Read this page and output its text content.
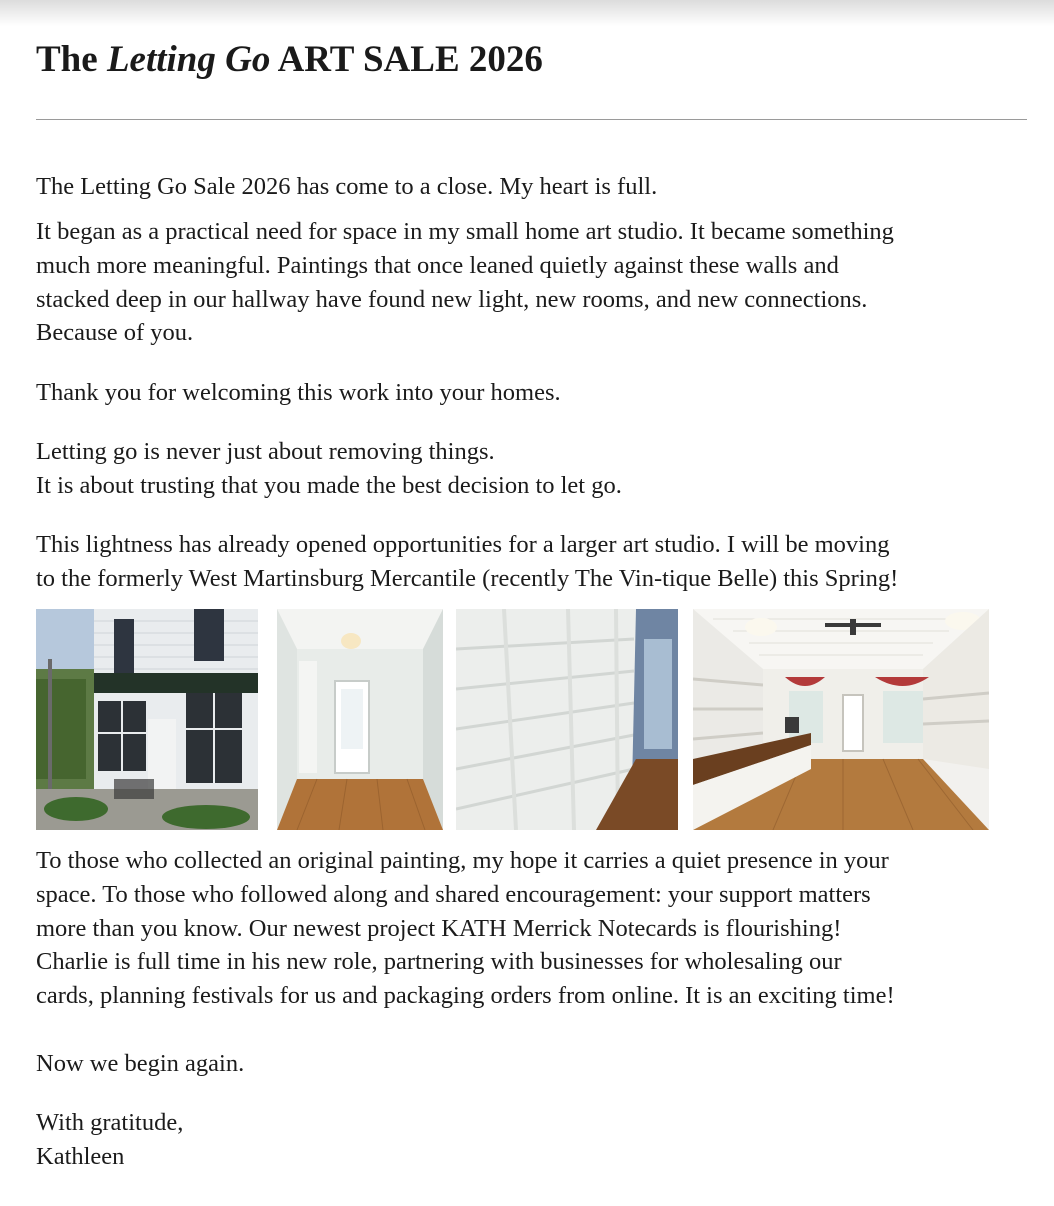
The Letting Go ART SALE 2026

The Letting Go Sale 2026 has come to a close. My heart is full.

It began as a practical need for space in my small home art studio. It became something

much more meaningful. Paintings that once leaned quietly against these walls and

stacked deep in our hallway have found new light, new rooms, and new connections.

Because of you.

Thank you for welcoming this work into your homes.

Letting go is never just about removing things.

It is about trusting that you made the best decision to let go.

This lightness has already opened opportunities for a larger art studio. I will be moving

to the formerly West Martinsburg Mercantile (recently The Vin-tique Belle) this Spring!

To those who collected an original painting, my hope it carries a quiet presence in your

space. To those who followed along and shared encouragement: your support matters

more than you know. Our newest project KATH Merrick Notecards is flourishing!

Charlie is full time in his new role, partnering with businesses for wholesaling our

cards, planning festivals for us and packaging orders from online. It is an exciting time!

Now we begin again.

With gratitude,

Kathleen
